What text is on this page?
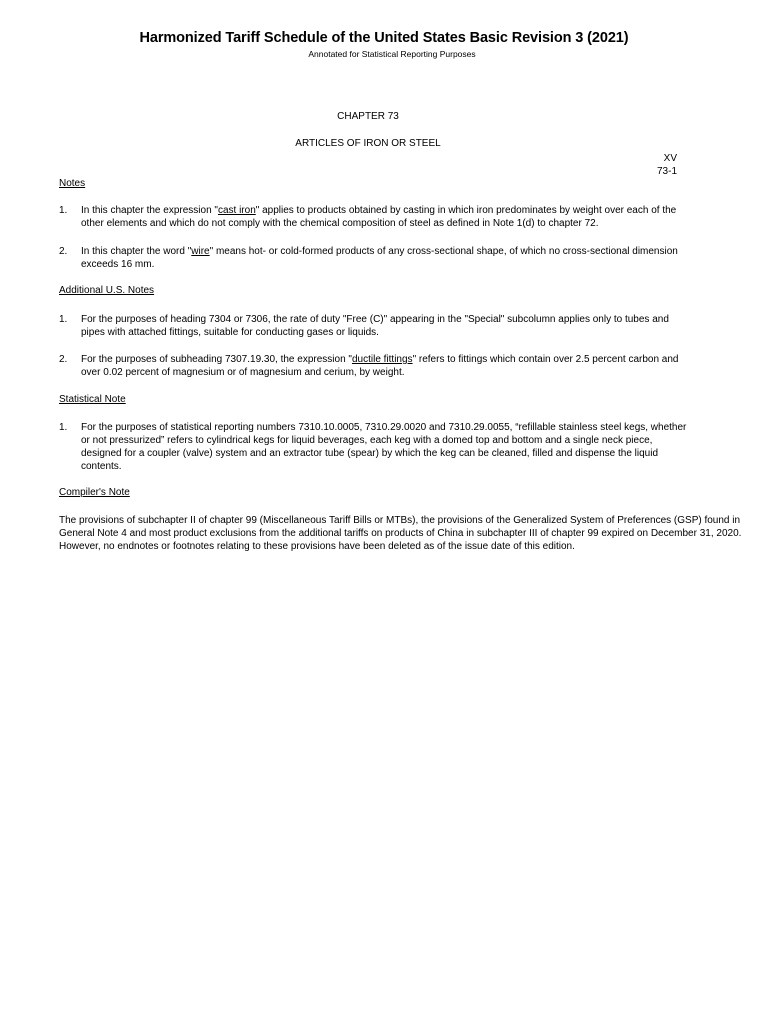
Harmonized Tariff Schedule of the United States Basic Revision 3 (2021)
Annotated for Statistical Reporting Purposes
CHAPTER 73
ARTICLES OF IRON OR STEEL
XV
73-1
Notes
1. In this chapter the expression "cast iron" applies to products obtained by casting in which iron predominates by weight over each of the other elements and which do not comply with the chemical composition of steel as defined in Note 1(d) to chapter 72.
2. In this chapter the word "wire" means hot- or cold-formed products of any cross-sectional shape, of which no cross-sectional dimension exceeds 16 mm.
Additional U.S. Notes
1. For the purposes of heading 7304 or 7306, the rate of duty "Free (C)" appearing in the "Special" subcolumn applies only to tubes and pipes with attached fittings, suitable for conducting gases or liquids.
2. For the purposes of subheading 7307.19.30, the expression "ductile fittings" refers to fittings which contain over 2.5 percent carbon and over 0.02 percent of magnesium or of magnesium and cerium, by weight.
Statistical Note
1. For the purposes of statistical reporting numbers 7310.10.0005, 7310.29.0020 and 7310.29.0055, “refillable stainless steel kegs, whether or not pressurized” refers to cylindrical kegs for liquid beverages, each keg with a domed top and bottom and a single neck piece, designed for a coupler (valve) system and an extractor tube (spear) by which the keg can be cleaned, filled and dispense the liquid contents.
Compiler's Note
The provisions of subchapter II of chapter 99 (Miscellaneous Tariff Bills or MTBs), the provisions of the Generalized System of Preferences (GSP) found in General Note 4 and most product exclusions from the additional tariffs on products of China in subchapter III of chapter 99 expired on December 31, 2020. However, no endnotes or footnotes relating to these provisions have been deleted as of the issue date of this edition.
